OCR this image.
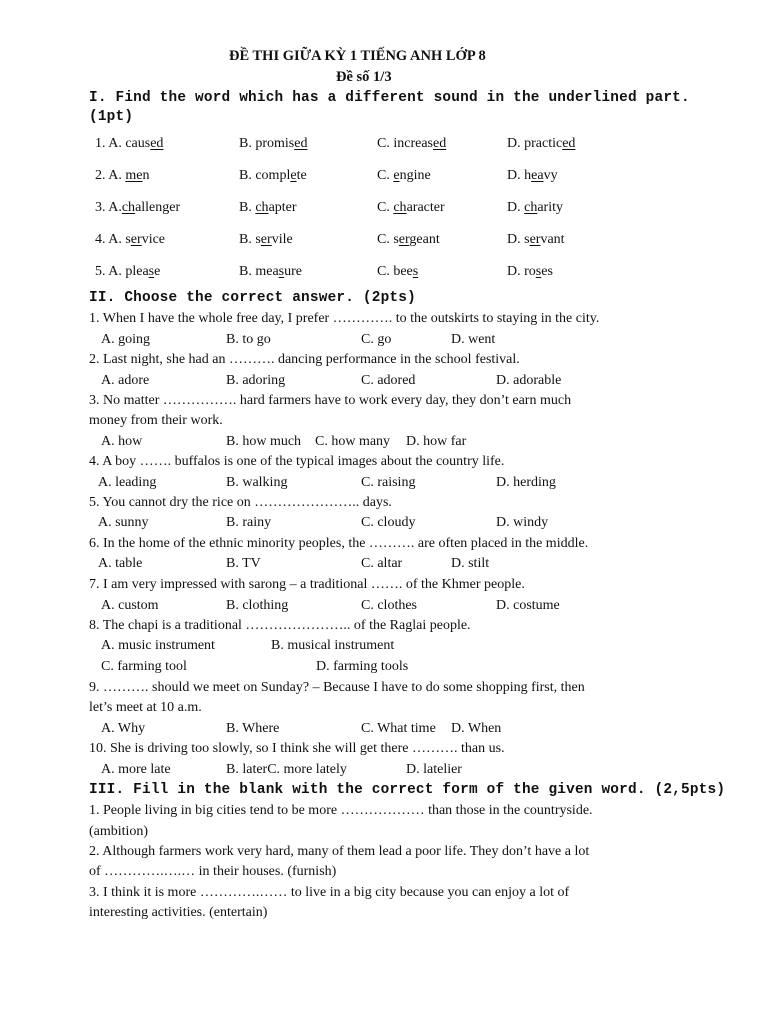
ĐỀ THI GIỮA KỲ 1 TIẾNG ANH LỚP 8
Đề số 1/3
I. Find the word which has a different sound in the underlined part.
(1pt)
1. A. caused	B. promised	C. increased	D. practiced
2. A. men	B. complete	C. engine	D. heavy
3. A.challenger	B. chapter	C. character	D. charity
4. A. service	B. servile	C. sergeant	D. servant
5. A. please	B. measure	C. bees	D. roses
II. Choose the correct answer. (2pts)
1. When I have the whole free day, I prefer …………. to the outskirts to staying in the city.
A. going	B. to go	C. go	D. went
2. Last night, she had an ………. dancing performance in the school festival.
A. adore	B. adoring	C. adored	D. adorable
3. No matter ……………. hard farmers have to work every day, they don’t earn much
money from their work.
A. how	B. how much C. how many D. how far
4. A boy ……. buffalos is one of the typical images about the country life.
A. leading	B. walking	C. raising	D. herding
5. You cannot dry the rice on ………………….. days.
A. sunny	B. rainy	C. cloudy	D. windy
6. In the home of the ethnic minority peoples, the ………. are often placed in the middle.
A. table	B. TV	C. altar	D. stilt
7. I am very impressed with sarong – a traditional ……. of the Khmer people.
A. custom	B. clothing	C. clothes	D. costume
8. The chapi is a traditional ………………….. of the Raglai people.
A. music instrument	B. musical instrument
C. farming tool	D. farming tools
9. ………. should we meet on Sunday? – Because I have to do some shopping first, then
let’s meet at 10 a.m.
A. Why	B. Where	C. What time D. When
10. She is driving too slowly, so I think she will get there ………. than us.
A. more late	B. laterC. more lately	D. latelier
III. Fill in the blank with the correct form of the given word. (2,5pts)
1. People living in big cities tend to be more ……………… than those in the countryside.
(ambition)
2. Although farmers work very hard, many of them lead a poor life. They don’t have a lot
of ………….….… in their houses. (furnish)
3. I think it is more ………….…… to live in a big city because you can enjoy a lot of
interesting activities. (entertain)
